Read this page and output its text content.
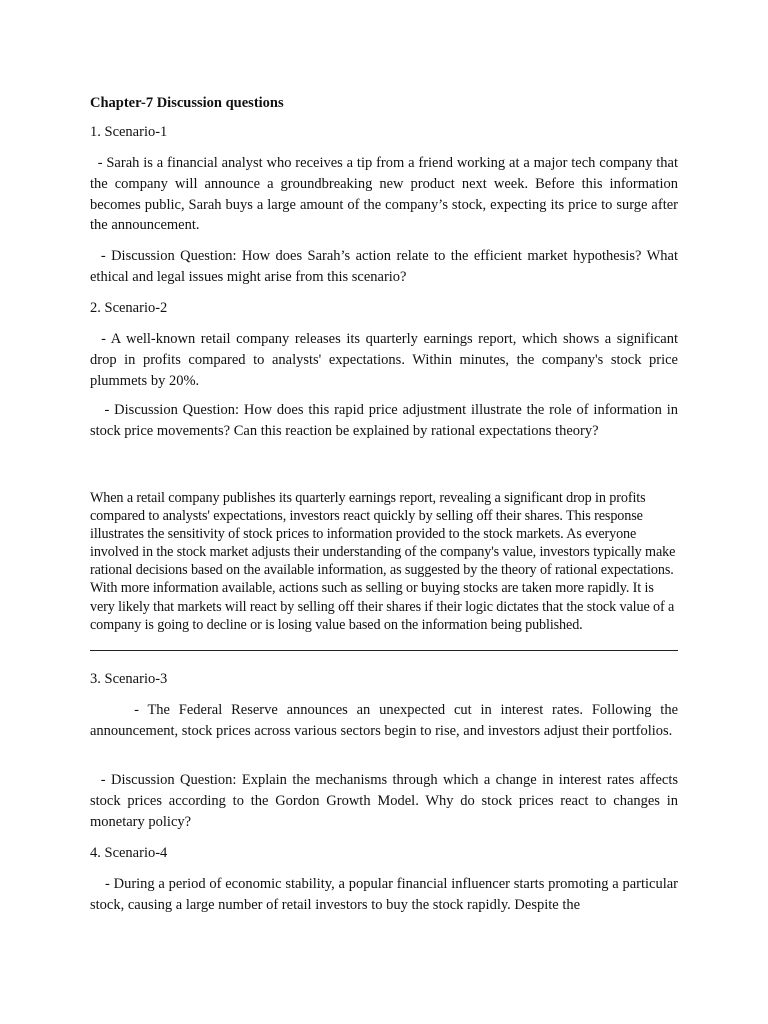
Chapter-7 Discussion questions
1. Scenario-1
- Sarah is a financial analyst who receives a tip from a friend working at a major tech company that the company will announce a groundbreaking new product next week. Before this information becomes public, Sarah buys a large amount of the company’s stock, expecting its price to surge after the announcement.
- Discussion Question: How does Sarah’s action relate to the efficient market hypothesis? What ethical and legal issues might arise from this scenario?
2. Scenario-2
- A well-known retail company releases its quarterly earnings report, which shows a significant drop in profits compared to analysts' expectations. Within minutes, the company's stock price plummets by 20%.
- Discussion Question: How does this rapid price adjustment illustrate the role of information in stock price movements? Can this reaction be explained by rational expectations theory?
When a retail company publishes its quarterly earnings report, revealing a significant drop in profits compared to analysts' expectations, investors react quickly by selling off their shares. This response illustrates the sensitivity of stock prices to information provided to the stock markets. As everyone involved in the stock market adjusts their understanding of the company's value, investors typically make rational decisions based on the available information, as suggested by the theory of rational expectations. With more information available, actions such as selling or buying stocks are taken more rapidly. It is very likely that markets will react by selling off their shares if their logic dictates that the stock value of a company is going to decline or is losing value based on the information being published.
3. Scenario-3
- The Federal Reserve announces an unexpected cut in interest rates. Following the announcement, stock prices across various sectors begin to rise, and investors adjust their portfolios.
- Discussion Question: Explain the mechanisms through which a change in interest rates affects stock prices according to the Gordon Growth Model. Why do stock prices react to changes in monetary policy?
4. Scenario-4
- During a period of economic stability, a popular financial influencer starts promoting a particular stock, causing a large number of retail investors to buy the stock rapidly. Despite the
